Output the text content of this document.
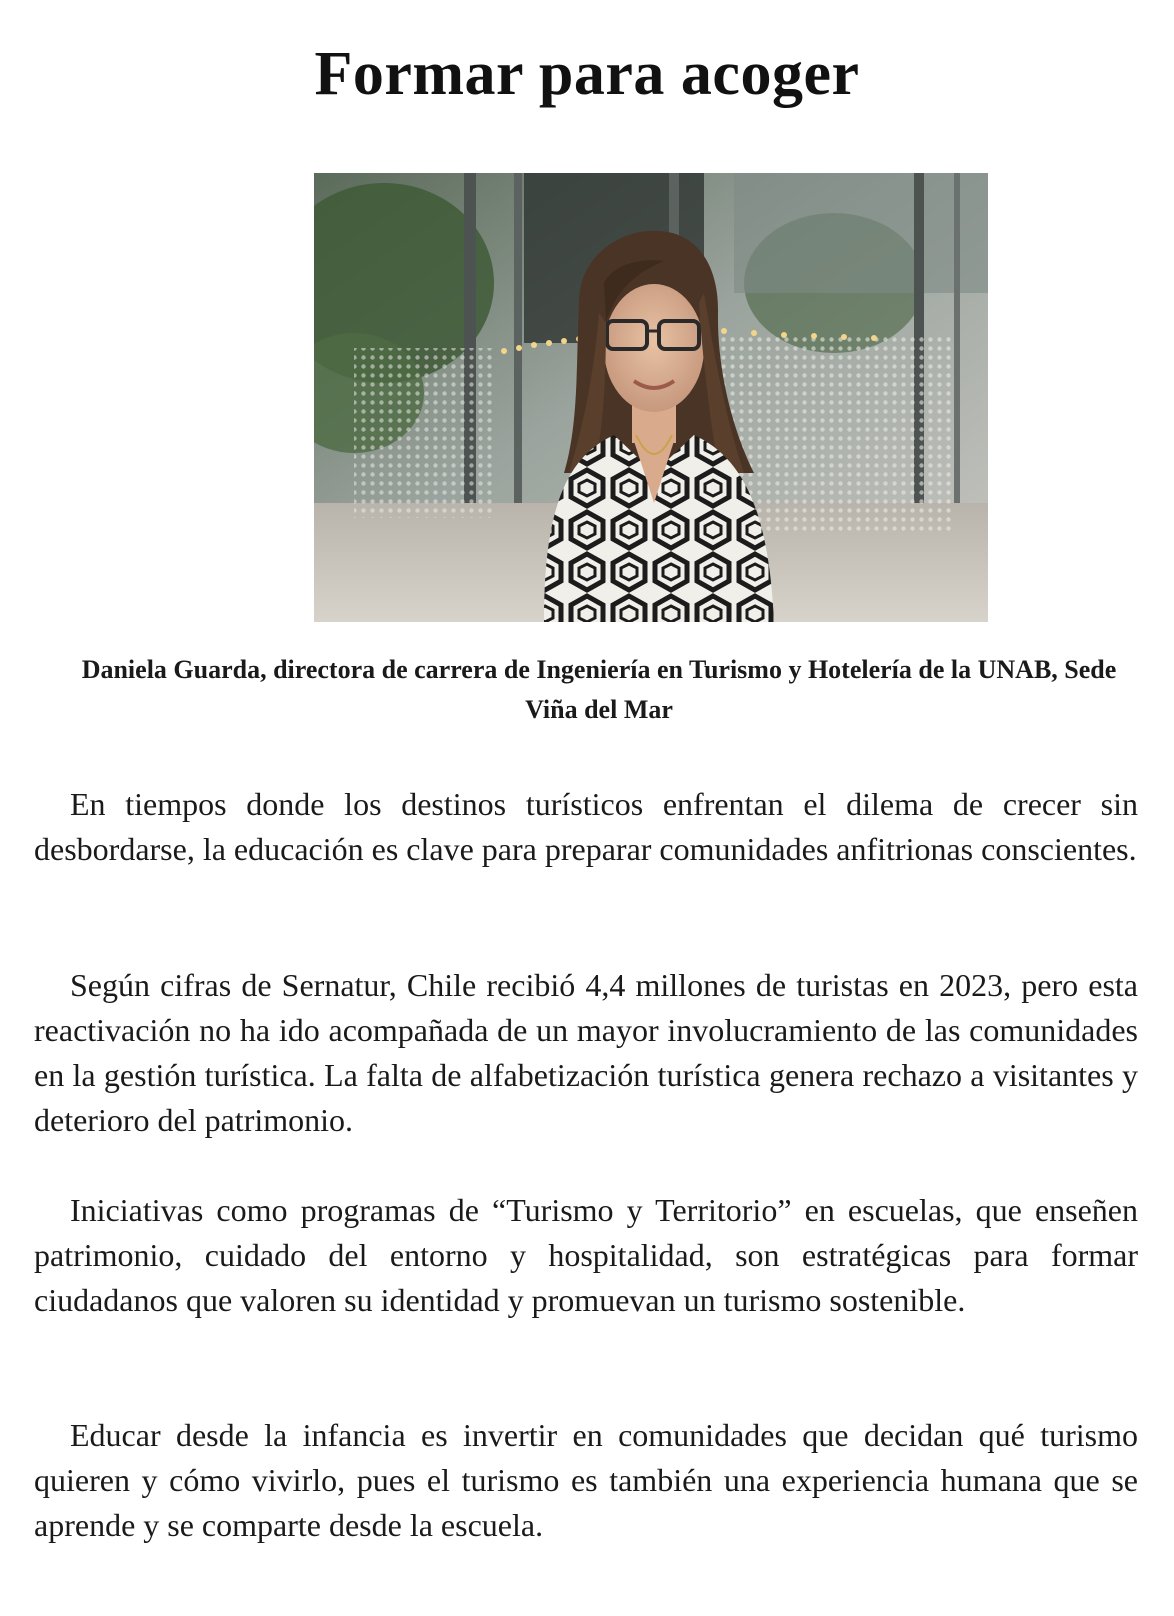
Formar para acoger

Daniela Guarda, directora de carrera de Ingeniería en Turismo y Hotelería de la UNAB, Sede Viña del Mar

En tiempos donde los destinos turísticos enfrentan el dilema de crecer sin desbordarse, la educación es clave para preparar comunidades anfitrionas conscientes.

Según cifras de Sernatur, Chile recibió 4,4 millones de turistas en 2023, pero esta reactivación no ha ido acompañada de un mayor involucramiento de las comunidades en la gestión turística. La falta de alfabetización turística genera rechazo a visitantes y deterioro del patrimonio.

Iniciativas como programas de “Turismo y Territorio” en escuelas, que enseñen patrimonio, cuidado del entorno y hospitalidad, son estratégicas para formar ciudadanos que valoren su identidad y promuevan un turismo sostenible.

Educar desde la infancia es invertir en comunidades que decidan qué turismo quieren y cómo vivirlo, pues el turismo es también una experiencia humana que se aprende y se comparte desde la escuela.
